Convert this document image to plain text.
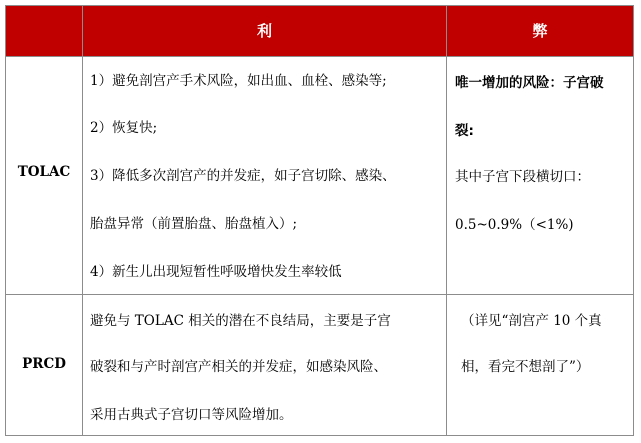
利	弊
TOLAC
1）避免剖宫产手术风险，如出血、血栓、感染等;
2）恢复快;
3）降低多次剖宫产的并发症，如子宫切除、感染、
胎盘异常（前置胎盘、胎盘植入）;
4）新生儿出现短暂性呼吸增快发生率较低
唯一增加的风险：子宫破
裂:
其中子宫下段横切口：
0.5~0.9%（<1%)
PRCD
避免与 TOLAC 相关的潜在不良结局，主要是子宫
破裂和与产时剖宫产相关的并发症，如感染风险、
采用古典式子宫切口等风险增加。
（详见“剖宫产 10 个真
相，看完不想剖了”）
